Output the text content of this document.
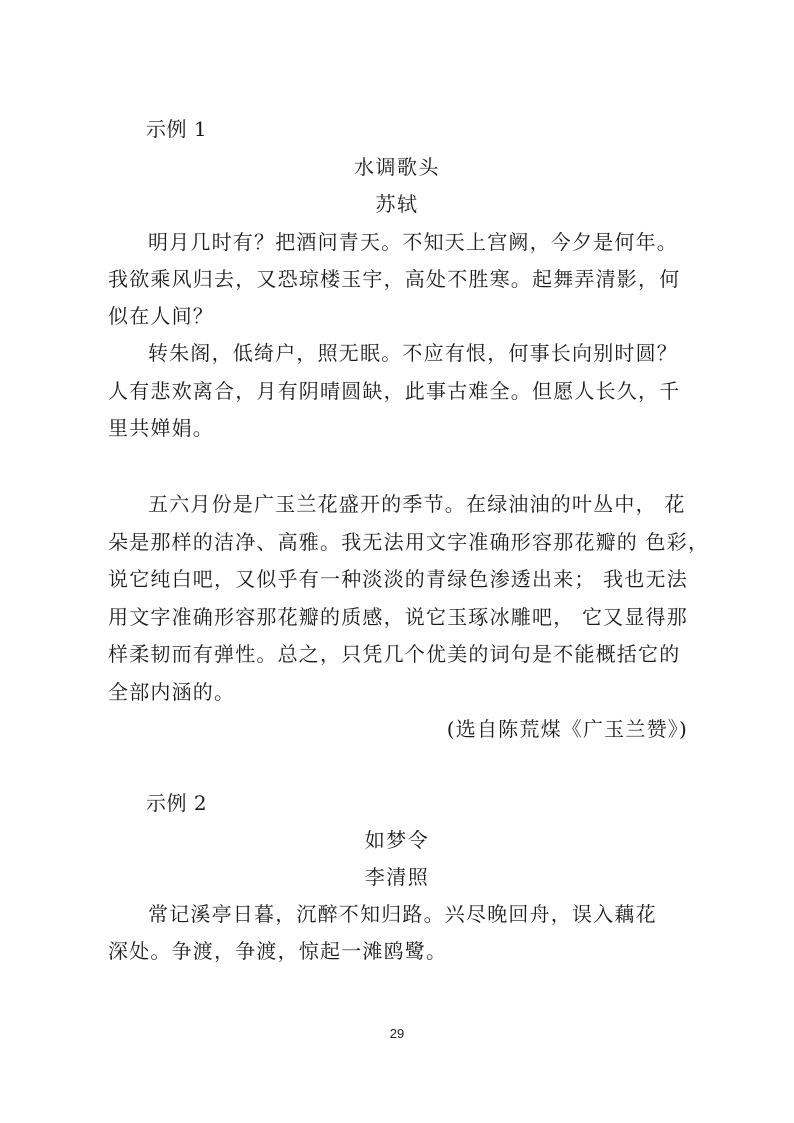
示例 1
水调歌头
苏轼
明月几时有？把酒问青天。不知天上宫阙，今夕是何年。
我欲乘风归去，又恐琼楼玉宇，高处不胜寒。起舞弄清影，何
似在人间？
转朱阁，低绮户，照无眠。不应有恨，何事长向别时圆？
人有悲欢离合，月有阴晴圆缺，此事古难全。但愿人长久，千
里共婵娟。
五六月份是广玉兰花盛开的季节。在绿油油的叶丛中， 花
朵是那样的洁净、高雅。我无法用文字准确形容那花瓣的 色彩，
说它纯白吧，又似乎有一种淡淡的青绿色渗透出来； 我也无法
用文字准确形容那花瓣的质感，说它玉琢冰雕吧， 它又显得那
样柔韧而有弹性。总之，只凭几个优美的词句是不能概括它的
全部内涵的。
(选自陈荒煤《广玉兰赞》)
示例 2
如梦令
李清照
常记溪亭日暮，沉醉不知归路。兴尽晚回舟，误入藕花
深处。争渡，争渡，惊起一滩鸥鹭。
29
